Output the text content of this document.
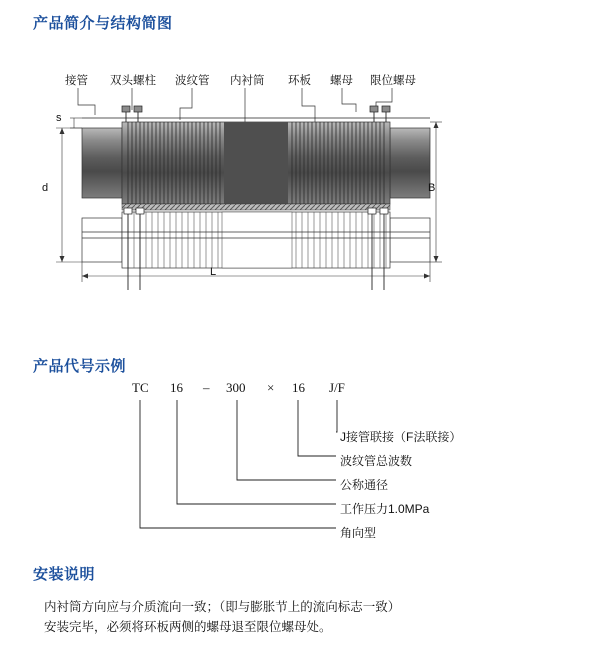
产品简介与结构简图
产品代号示例
安装说明
接管 双头螺柱 波纹管 内衬筒 环板 螺母 限位螺母
s
d	B
L
TC 16 – 300 × 16 J/F
J接管联接（F法联接）
波纹管总波数
公称通径
工作压力1.0MPa
角向型
内衬筒方向应与介质流向一致；（即与膨胀节上的流向标志一致）
安装完毕，必须将环板两侧的螺母退至限位螺母处。
